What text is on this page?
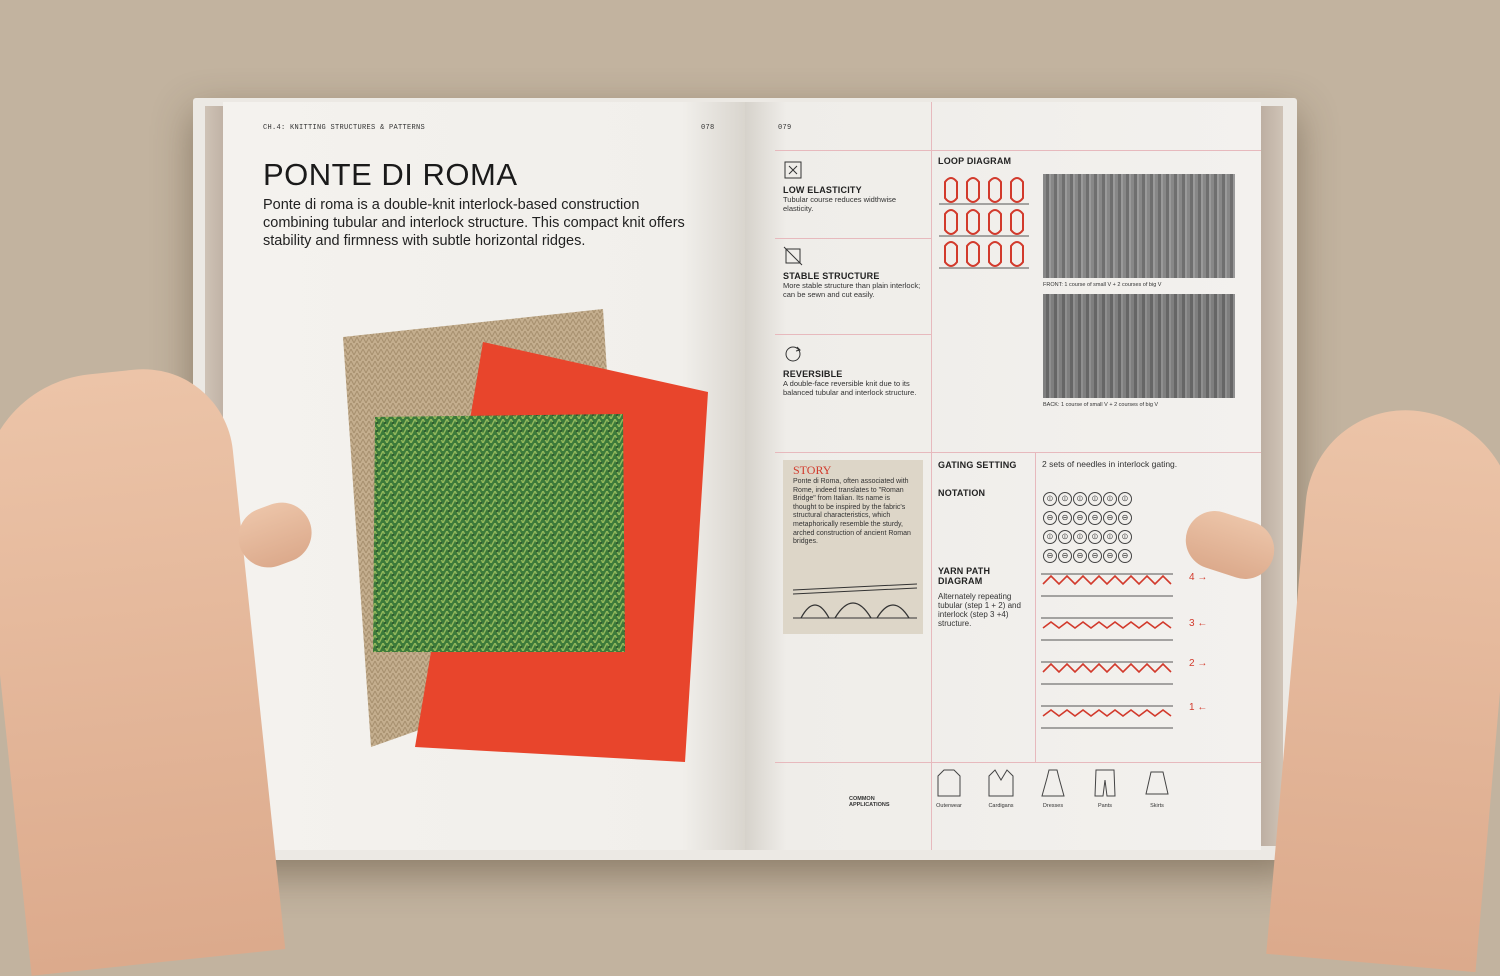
CH.4: KNITTING STRUCTURES & PATTERNS	078
PONTE DI ROMA
Ponte di roma is a double-knit interlock-based construction combining tubular and interlock structure. This compact knit offers stability and firmness with subtle horizontal ridges.
079
LOW ELASTICITY
Tubular course reduces widthwise elasticity.
STABLE STRUCTURE
More stable structure than plain interlock; can be sewn and cut easily.
REVERSIBLE
A double-face reversible knit due to its balanced tubular and interlock structure.
LOOP DIAGRAM
FRONT: 1 course of small V + 2 courses of big V
BACK: 1 course of small V + 2 courses of big V
STORY
Ponte di Roma, often associated with Rome, indeed translates to "Roman Bridge" from Italian. Its name is thought to be inspired by the fabric's structural characteristics, which metaphorically resemble the sturdy, arched construction of ancient Roman bridges.
GATING SETTING	2 sets of needles in interlock gating.
NOTATION
⦶ ⦶ ⦶ ⦶ ⦶ ⦶
⊖ ⊖ ⊖ ⊖ ⊖ ⊖
⦶ ⦶ ⦶ ⦶ ⦶ ⦶
⊖ ⊖ ⊖ ⊖ ⊖ ⊖
YARN PATH DIAGRAM
Alternately repeating tubular (step 1 + 2) and interlock (step 3 +4) structure.
4 →
3 ←
2 →
1 ←
COMMON APPLICATIONS	Outerwear	Cardigans	Dresses	Pants	Skirts
